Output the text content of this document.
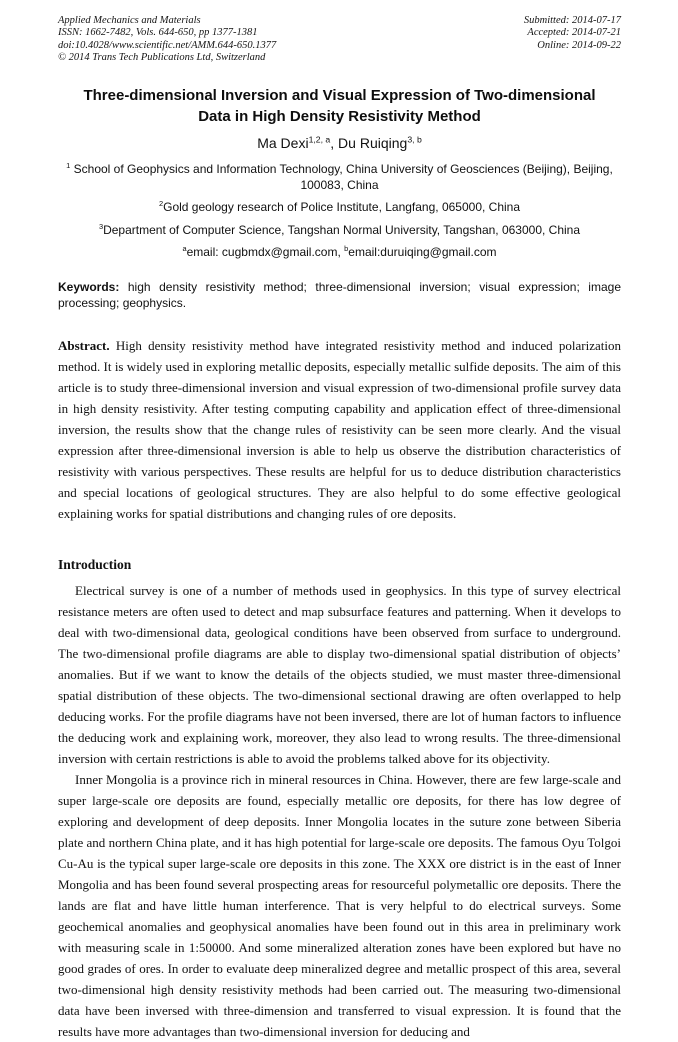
Applied Mechanics and Materials
ISSN: 1662-7482, Vols. 644-650, pp 1377-1381
doi:10.4028/www.scientific.net/AMM.644-650.1377
© 2014 Trans Tech Publications Ltd, Switzerland
Submitted: 2014-07-17
Accepted: 2014-07-21
Online: 2014-09-22
Three-dimensional Inversion and Visual Expression of Two-dimensional
Data in High Density Resistivity Method
Ma Dexi$^{1,2, a}$, Du Ruiqing$^{3, b}$
$^1$ School of Geophysics and Information Technology, China University of Geosciences (Beijing), Beijing, 100083, China
$^2$Gold geology research of Police Institute, Langfang, 065000, China
$^3$Department of Computer Science, Tangshan Normal University, Tangshan, 063000, China
$^a$email: cugbmdx@gmail.com, $^b$email:duruiqing@gmail.com
Keywords: high density resistivity method; three-dimensional inversion; visual expression; image processing; geophysics.
Abstract. High density resistivity method have integrated resistivity method and induced polarization method. It is widely used in exploring metallic deposits, especially metallic sulfide deposits. The aim of this article is to study three-dimensional inversion and visual expression of two-dimensional profile survey data in high density resistivity. After testing computing capability and application effect of three-dimensional inversion, the results show that the change rules of resistivity can be seen more clearly. And the visual expression after three-dimensional inversion is able to help us observe the distribution characteristics of resistivity with various perspectives. These results are helpful for us to deduce distribution characteristics and special locations of geological structures. They are also helpful to do some effective geological explaining works for spatial distributions and changing rules of ore deposits.
Introduction
Electrical survey is one of a number of methods used in geophysics. In this type of survey electrical resistance meters are often used to detect and map subsurface features and patterning. When it develops to deal with two-dimensional data, geological conditions have been observed from surface to underground. The two-dimensional profile diagrams are able to display two-dimensional spatial distribution of objects’ anomalies. But if we want to know the details of the objects studied, we must master three-dimensional spatial distribution of these objects. The two-dimensional sectional drawing are often overlapped to help deducing works. For the profile diagrams have not been inversed, there are lot of human factors to influence the deducing work and explaining work, moreover, they also lead to wrong results. The three-dimensional inversion with certain restrictions is able to avoid the problems talked above for its objectivity.
Inner Mongolia is a province rich in mineral resources in China. However, there are few large-scale and super large-scale ore deposits are found, especially metallic ore deposits, for there has low degree of exploring and development of deep deposits. Inner Mongolia locates in the suture zone between Siberia plate and northern China plate, and it has high potential for large-scale ore deposits. The famous Oyu Tolgoi Cu-Au is the typical super large-scale ore deposits in this zone. The XXX ore district is in the east of Inner Mongolia and has been found several prospecting areas for resourceful polymetallic ore deposits. There the lands are flat and have little human interference. That is very helpful to do electrical surveys. Some geochemical anomalies and geophysical anomalies have been found out in this area in preliminary work with measuring scale in 1:50000. And some mineralized alteration zones have been explored but have no good grades of ores. In order to evaluate deep mineralized degree and metallic prospect of this area, several two-dimensional high density resistivity methods had been carried out. The measuring two-dimensional data have been inversed with three-dimension and transferred to visual expression. It is found that the results have more advantages than two-dimensional inversion for deducing and
